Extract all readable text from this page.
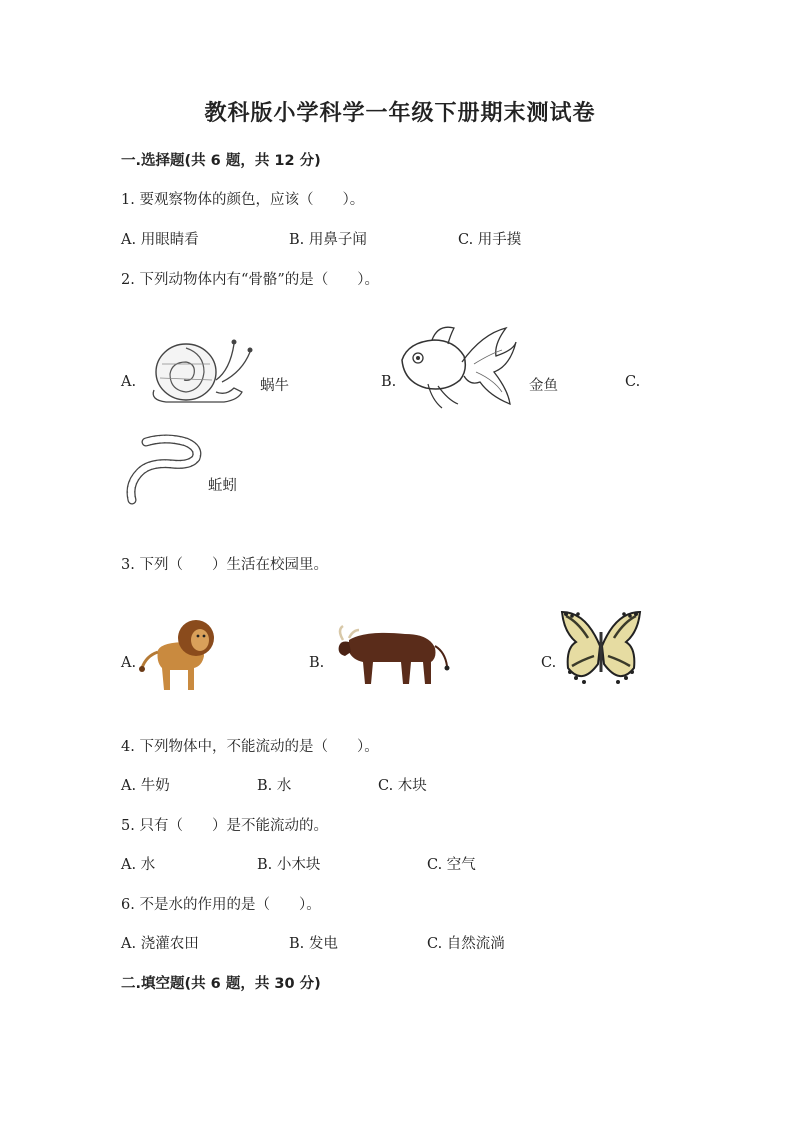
教科版小学科学一年级下册期末测试卷
一.选择题(共 6 题，共 12 分)
1. 要观察物体的颜色，应该（　　）。
A. 用眼睛看	B. 用鼻子闻	C. 用手摸
2. 下列动物体内有“骨骼”的是（　　）。
A.	蜗牛	B.	金鱼	C.
蚯蚓
3. 下列（　　）生活在校园里。
A.	B.	C.
4. 下列物体中，不能流动的是（　　）。
A. 牛奶	B. 水	C. 木块
5. 只有（　　）是不能流动的。
A. 水	B. 小木块	C. 空气
6. 不是水的作用的是（　　）。
A. 浇灌农田	B. 发电	C. 自然流淌
二.填空题(共 6 题，共 30 分)
